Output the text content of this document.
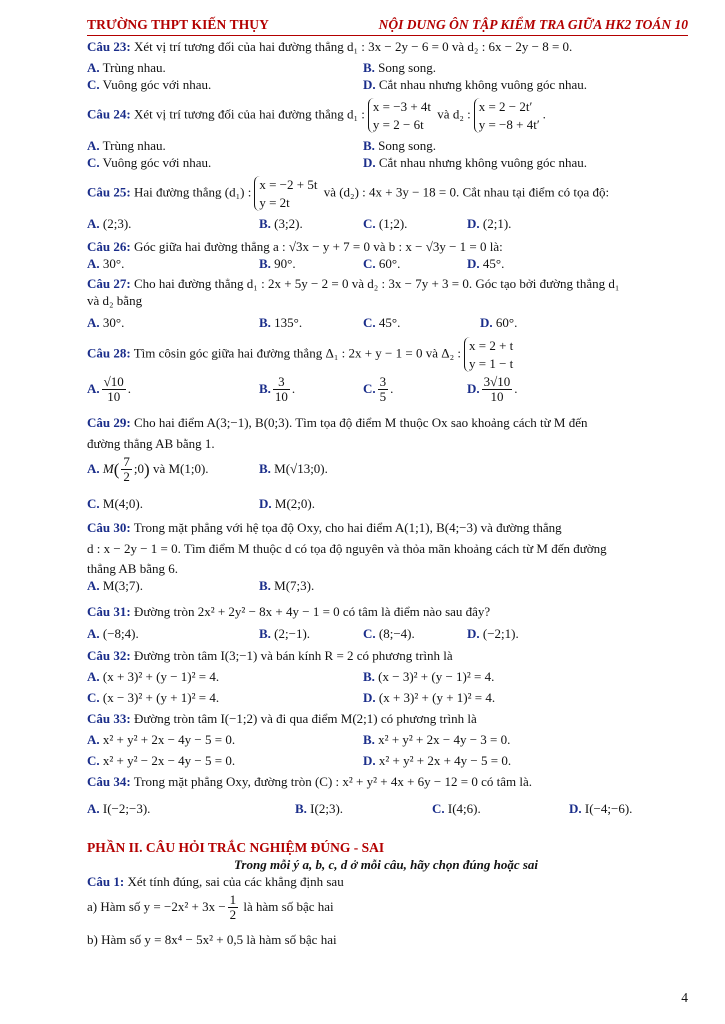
TRƯỜNG THPT KIẾN THỤY	NỘI DUNG ÔN TẬP KIỂM TRA GIỮA HK2 TOÁN 10
Câu 23: Xét vị trí tương đối của hai đường thẳng d₁ : 3x − 2y − 6 = 0 và d₂ : 6x − 2y − 8 = 0.
A. Trùng nhau.	B. Song song.
C. Vuông góc với nhau.	D. Cắt nhau nhưng không vuông góc nhau.
Câu 24: Xét vị trí tương đối của hai đường thẳng d₁ :
x = −3 + 4t
y = 2 − 6t
và d₂ :
x = 2 − 2t′
y = −8 + 4t′
.
A. Trùng nhau.	B. Song song.
C. Vuông góc với nhau.	D. Cắt nhau nhưng không vuông góc nhau.
Câu 25: Hai đường thẳng (d₁) :
x = −2 + 5t
y = 2t
và (d₂) : 4x + 3y − 18 = 0. Cắt nhau tại điểm có tọa độ:
A. (2;3).	B. (3;2).	C. (1;2).	D. (2;1).
Câu 26: Góc giữa hai đường thẳng a : √3x − y + 7 = 0 và b : x − √3y − 1 = 0 là:
A. 30°.	B. 90°.	C. 60°.	D. 45°.
Câu 27: Cho hai đường thẳng d₁ : 2x + 5y − 2 = 0 và d₂ : 3x − 7y + 3 = 0. Góc tạo bởi đường thẳng d₁
và d₂ bằng
A. 30°.	B. 135°.	C. 45°.	D. 60°.
Câu 28: Tìm côsin góc giữa hai đường thẳng Δ₁ : 2x + y − 1 = 0 và Δ₂ :
x = 2 + t
y = 1 − t
A. $\frac{√10}{10}$ .	B. $\frac{3}{10}$ .	C. $\frac{3}{5}$ .	D. $\frac{3√10}{10}$ .
Câu 29: Cho hai điểm A(3;−1), B(0;3). Tìm tọa độ điểm M thuộc Ox sao khoảng cách từ M đến
đường thẳng AB bằng 1.
A. $M( \frac{7}{2}$ ;0) và M(1;0).	B. M(√13;0).
C. M(4;0).	D. M(2;0).
Câu 30: Trong mặt phẳng với hệ tọa độ Oxy, cho hai điểm A(1;1), B(4;−3) và đường thẳng
d : x − 2y − 1 = 0. Tìm điểm M thuộc d có tọa độ nguyên và thỏa mãn khoảng cách từ M đến đường
thẳng AB bằng 6.
A. M(3;7).	B. M(7;3).
Câu 31: Đường tròn 2x² + 2y² − 8x + 4y − 1 = 0 có tâm là điểm nào sau đây?
A. (−8;4).	B. (2;−1).	C. (8;−4).	D. (−2;1).
Câu 32: Đường tròn tâm I(3;−1) và bán kính R = 2 có phương trình là
A. (x + 3)² + (y − 1)² = 4.	B. (x − 3)² + (y − 1)² = 4.
C. (x − 3)² + (y + 1)² = 4.	D. (x + 3)² + (y + 1)² = 4.
Câu 33: Đường tròn tâm I(−1;2) và đi qua điểm M(2;1) có phương trình là
A. x² + y² + 2x − 4y − 5 = 0.	B. x² + y² + 2x − 4y − 3 = 0.
C. x² + y² − 2x − 4y − 5 = 0.	D. x² + y² + 2x + 4y − 5 = 0.
Câu 34: Trong mặt phẳng Oxy, đường tròn (C) : x² + y² + 4x + 6y − 12 = 0 có tâm là.
A. I(−2;−3).	B. I(2;3).	C. I(4;6).	D. I(−4;−6).
PHẦN II. CÂU HỎI TRẮC NGHIỆM ĐÚNG - SAI
Trong mỗi ý a, b, c, d ở mỗi câu, hãy chọn đúng hoặc sai
Câu 1: Xét tính đúng, sai của các khẳng định sau
a) Hàm số $y = -2x^2 + 3x - \frac{1}{2}$ là hàm số bậc hai
b) Hàm số y = 8x⁴ − 5x² + 0,5 là hàm số bậc hai
4
